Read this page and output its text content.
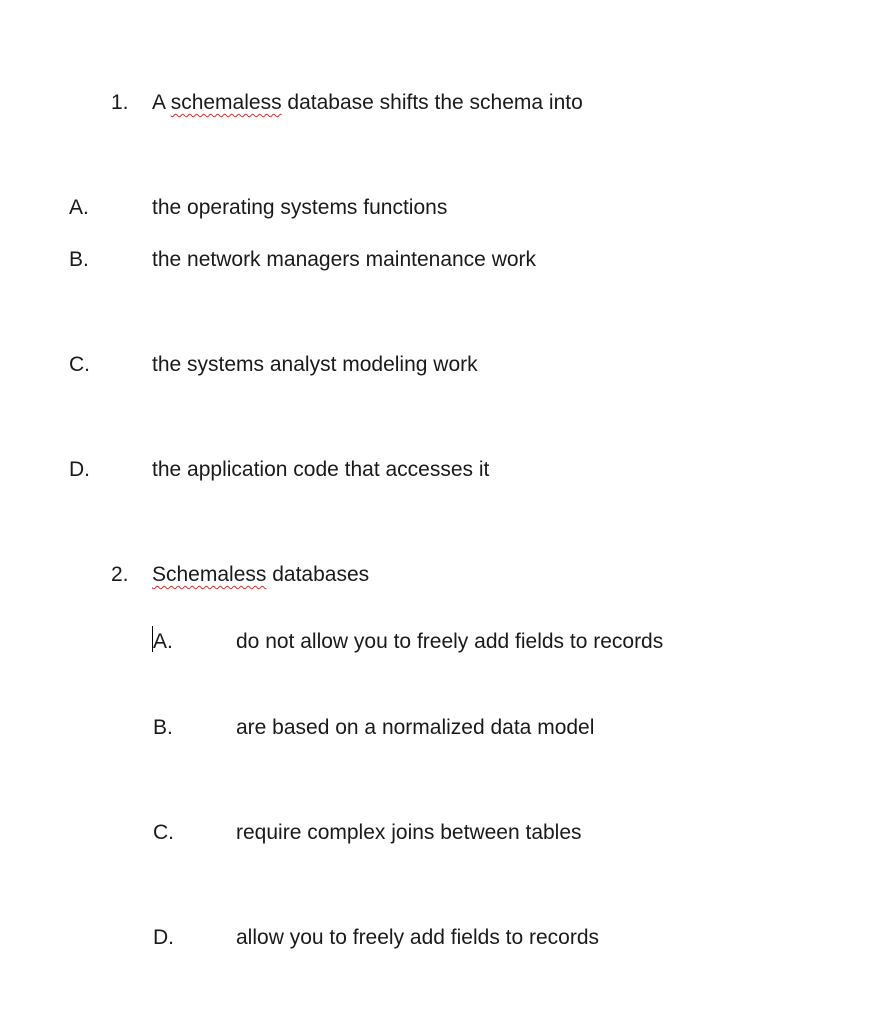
1. A schemaless database shifts the schema into
A.	the operating systems functions
B.	the network managers maintenance work
C.	the systems analyst modeling work
D.	the application code that accesses it
2. Schemaless databases
A.	do not allow you to freely add fields to records
B.	are based on a normalized data model
C.	require complex joins between tables
D.	allow you to freely add fields to records
